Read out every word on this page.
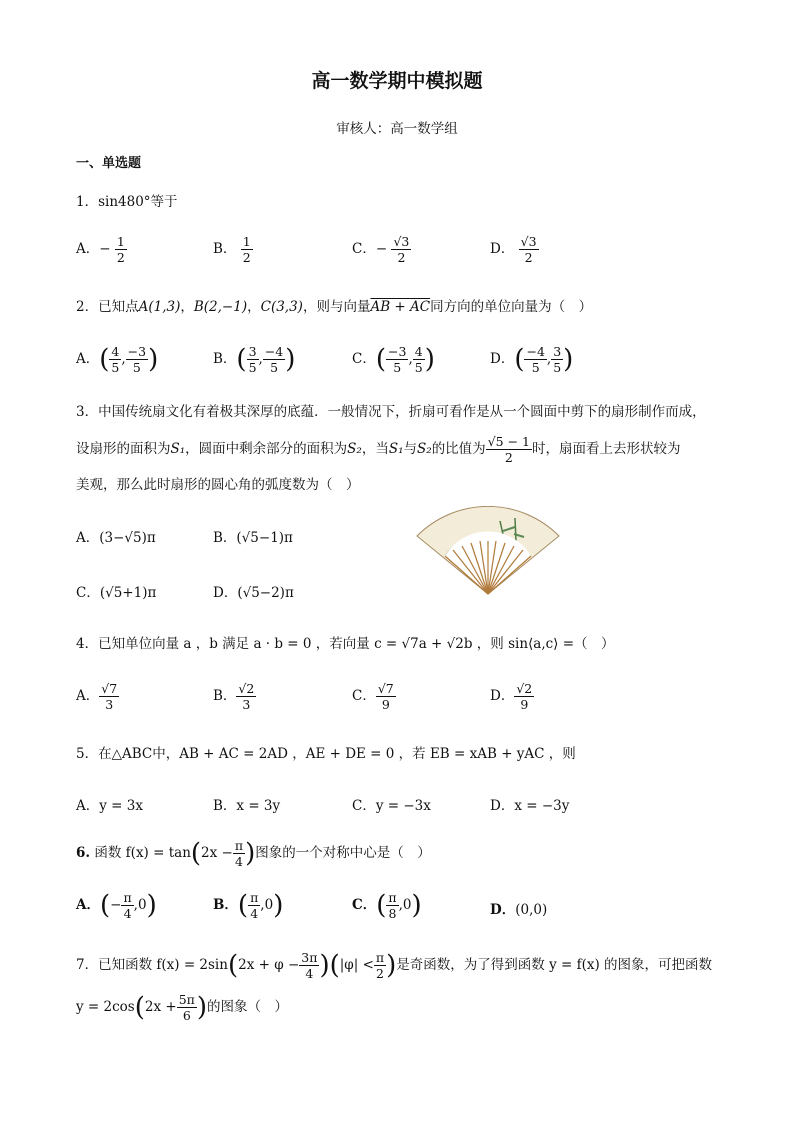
高一数学期中模拟题
审核人：高一数学组
一、单选题
1．sin480°等于
A．− $\frac{1}{2}$	B． $\frac{1}{2}$	C．− $\frac{√3}{2}$	D． $\frac{√3}{2}$
2．已知点A(1,3)，B(2,−1)，C(3,3)，则与向量AB + AC同方向的单位向量为（　）
A．( $\frac{4}{5}$ , $\frac{-3}{5}$ )	B．( $\frac{3}{5}$ , $\frac{-4}{5}$ )	C．( $\frac{-3}{5}$ , $\frac{4}{5}$ )	D．( $\frac{-4}{5}$ , $\frac{3}{5}$ )
3．中国传统扇文化有着极其深厚的底蕴．一般情况下，折扇可看作是从一个圆面中剪下的扇形制作而成，
设扇形的面积为S₁，圆面中剩余部分的面积为S₂，当S₁与S₂的比值为 $\frac{√5 - 1}{2}$ 时，扇面看上去形状较为
美观，那么此时扇形的圆心角的弧度数为（　）
A．(3−√5)π	B．(√5−1)π
C．(√5+1)π	D．(√5−2)π
4．已知单位向量 a ，b 满足 a · b = 0 ，若向量 c = √7a + √2b ，则 sin⟨a,c⟩ =（　）
A． $\frac{√7}{3}$	B． $\frac{√2}{3}$	C． $\frac{√7}{9}$	D． $\frac{√2}{9}$
5．在△ABC中，AB + AC = 2AD ，AE + DE = 0 ，若 EB = xAB + yAC ，则
A．y = 3x	B．x = 3y	C．y = −3x	D．x = −3y
6. 函数 $f(x) = \tan(2x - \frac{\pi}{4}$ )图象的一个对称中心是（　）
A．(− $\frac{\pi}{4} ,0$)	B．( $\frac{\pi}{4} ,0$)	C．( $\frac{\pi}{8} ,0$)	D．(0,0)
7．已知函数 $f(x) = 2\sin(2x + \varphi - \frac{3\pi}{4} )(|\varphi| < \frac{\pi}{2}$ )是奇函数，为了得到函数 y = f(x) 的图象，可把函数
$y = 2\cos(2x + \frac{5\pi}{6}$ )的图象（　）
